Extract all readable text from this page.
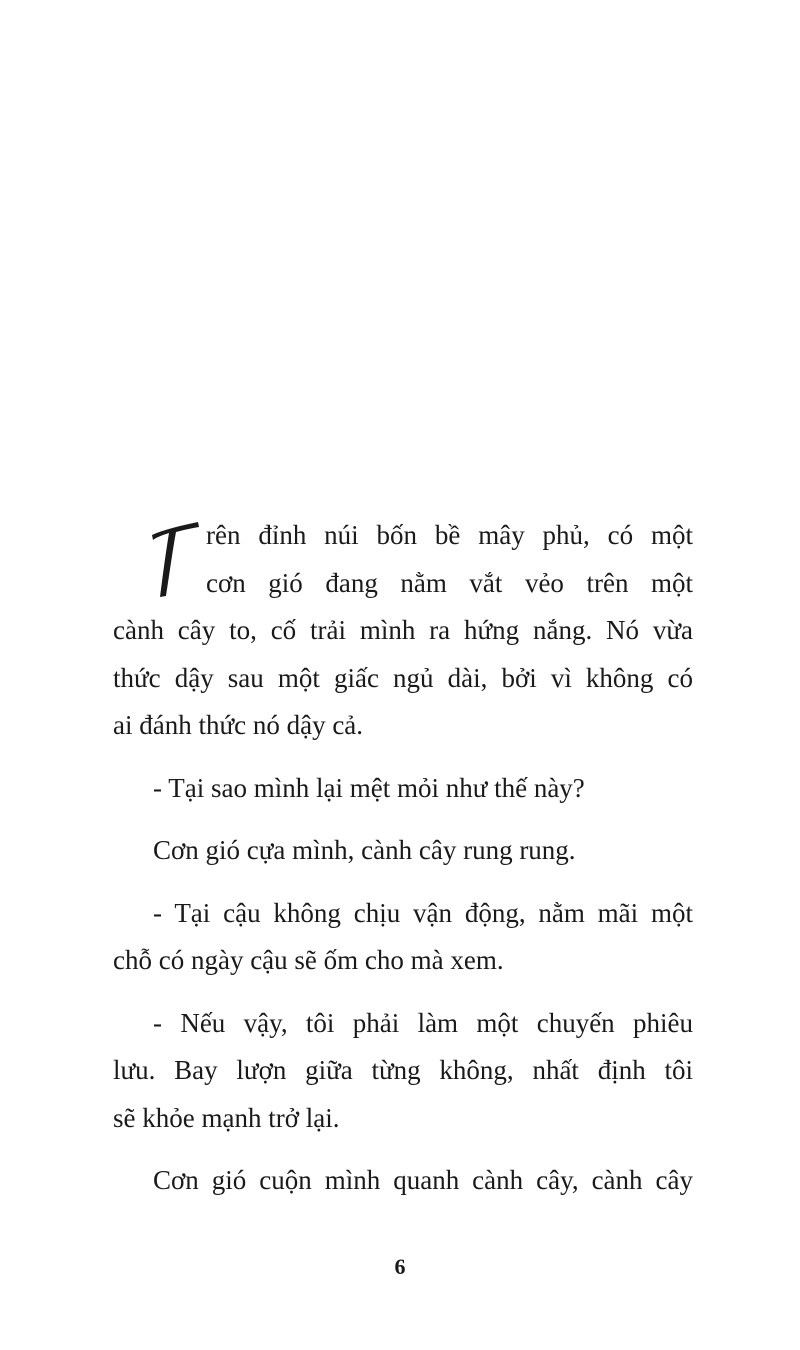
rên đỉnh núi bốn bề mây phủ, có một
cơn gió đang nằm vắt vẻo trên một
cành cây to, cố trải mình ra hứng nắng. Nó vừa
thức dậy sau một giấc ngủ dài, bởi vì không có
ai đánh thức nó dậy cả.

- Tại sao mình lại mệt mỏi như thế này?

Cơn gió cựa mình, cành cây rung rung.

- Tại cậu không chịu vận động, nằm mãi một
chỗ có ngày cậu sẽ ốm cho mà xem.

- Nếu vậy, tôi phải làm một chuyến phiêu
lưu. Bay lượn giữa từng không, nhất định tôi
sẽ khỏe mạnh trở lại.

Cơn gió cuộn mình quanh cành cây, cành cây

6
